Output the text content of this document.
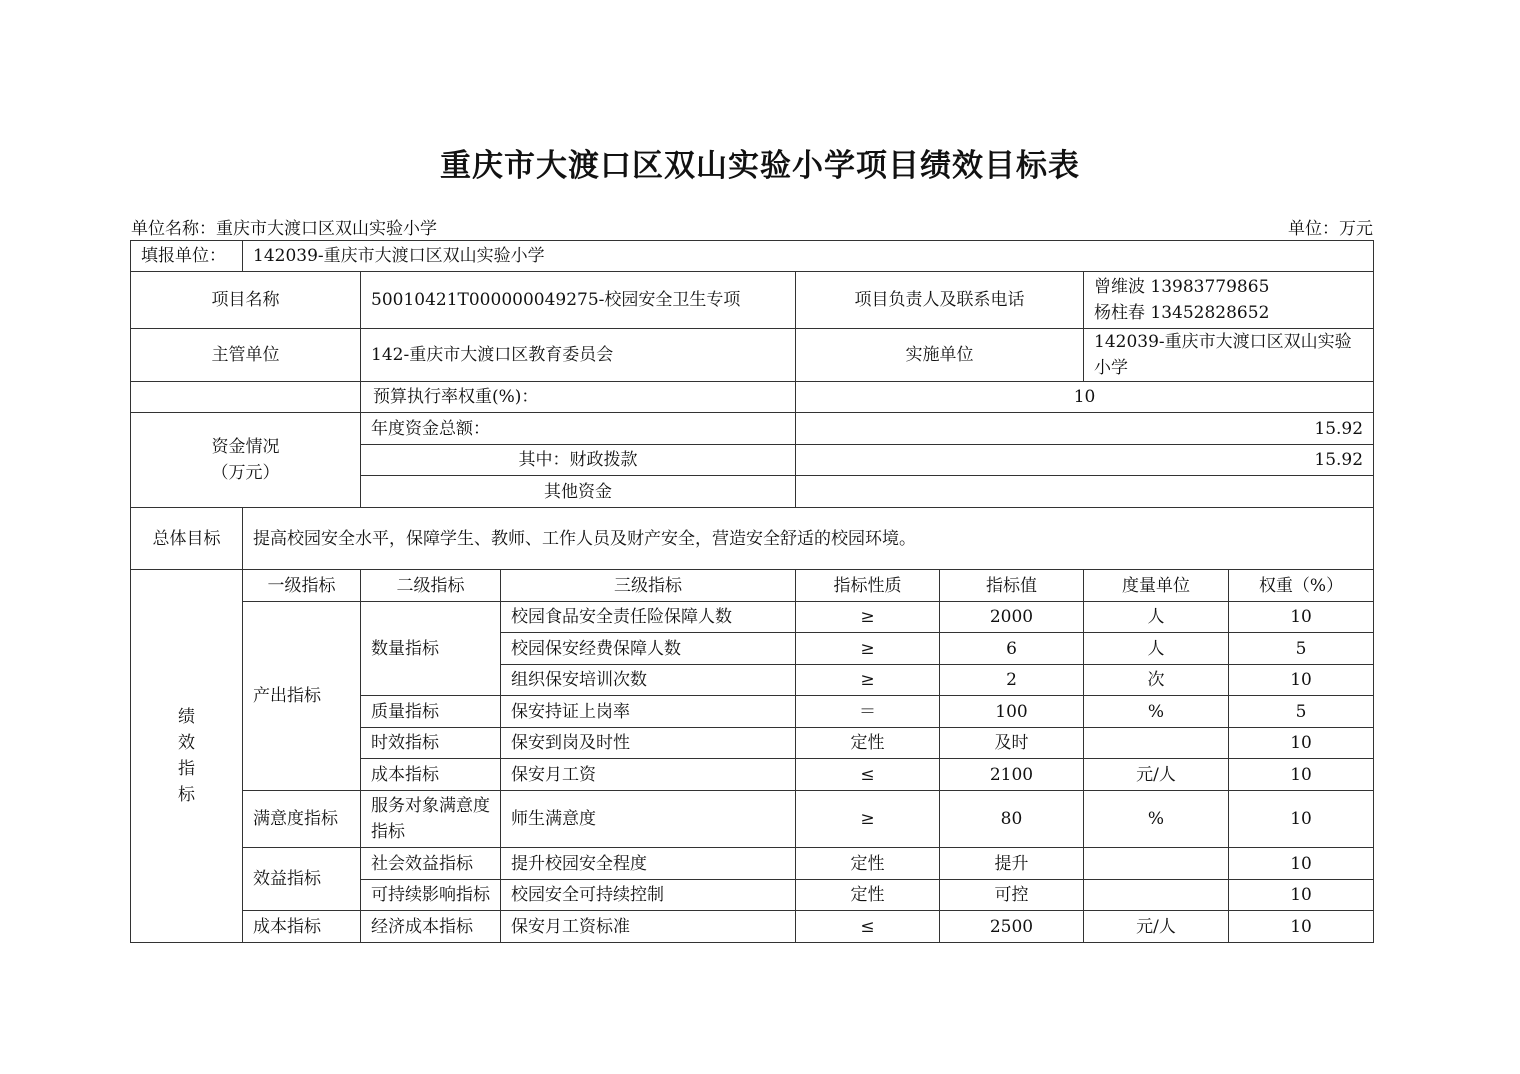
重庆市大渡口区双山实验小学项目绩效目标表
单位名称：重庆市大渡口区双山实验小学	单位：万元
填报单位：	142039-重庆市大渡口区双山实验小学						
项目名称		50010421T000000049275-校园安全卫生专项		项目负责人及联系电话		曾维波 13983779865
杨柱春 13452828652	

主管单位		142-重庆市大渡口区教育委员会		实施单位		142039-重庆市大渡口区双山实验小学	
		预算执行率权重(%)：		10			

资金情况
（万元）		年度资金总额：		15.92			
		其中：财政拨款		15.92			
		其他资金					
总体目标	提高校园安全水平，保障学生、教师、工作人员及财产安全，营造安全舒适的校园环境。						

绩
效
指
标	一级指标	二级指标	三级指标	指标性质	指标值	度量单位	权重（%）
	产出指标	数量指标	校园食品安全责任险保障人数	≥	2000	人	10
			校园保安经费保障人数	≥	6	人	5
			组织保安培训次数	≥	2	次	10
		质量指标	保安持证上岗率	＝	100	%	5
		时效指标	保安到岗及时性	定性	及时		10
		成本指标	保安月工资	≤	2100	元/人	10
	满意度指标	服务对象满意度指标	师生满意度	≥	80	%	10
	效益指标	社会效益指标	提升校园安全程度	定性	提升		10
		可持续影响指标	校园安全可持续控制	定性	可控		10
	成本指标	经济成本指标	保安月工资标准	≤	2500	元/人	10
